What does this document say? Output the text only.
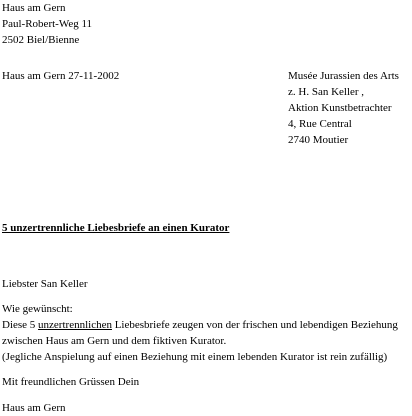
Haus am Gern
Paul-Robert-Weg 11
2502 Biel/Bienne
Haus am Gern 27-11-2002	Musée Jurassien des Arts
z. H. San Keller ,
Aktion Kunstbetrachter
4, Rue Central
2740 Moutier
5 unzertrennliche Liebesbriefe an einen Kurator
Liebster San Keller
Wie gewünscht:
Diese 5 unzertrennlichen Liebesbriefe zeugen von der frischen und lebendigen Beziehung
zwischen Haus am Gern und dem fiktiven Kurator.
(Jegliche Anspielung auf einen Beziehung mit einem lebenden Kurator ist rein zufällig)
Mit freundlichen Grüssen Dein
Haus am Gern
